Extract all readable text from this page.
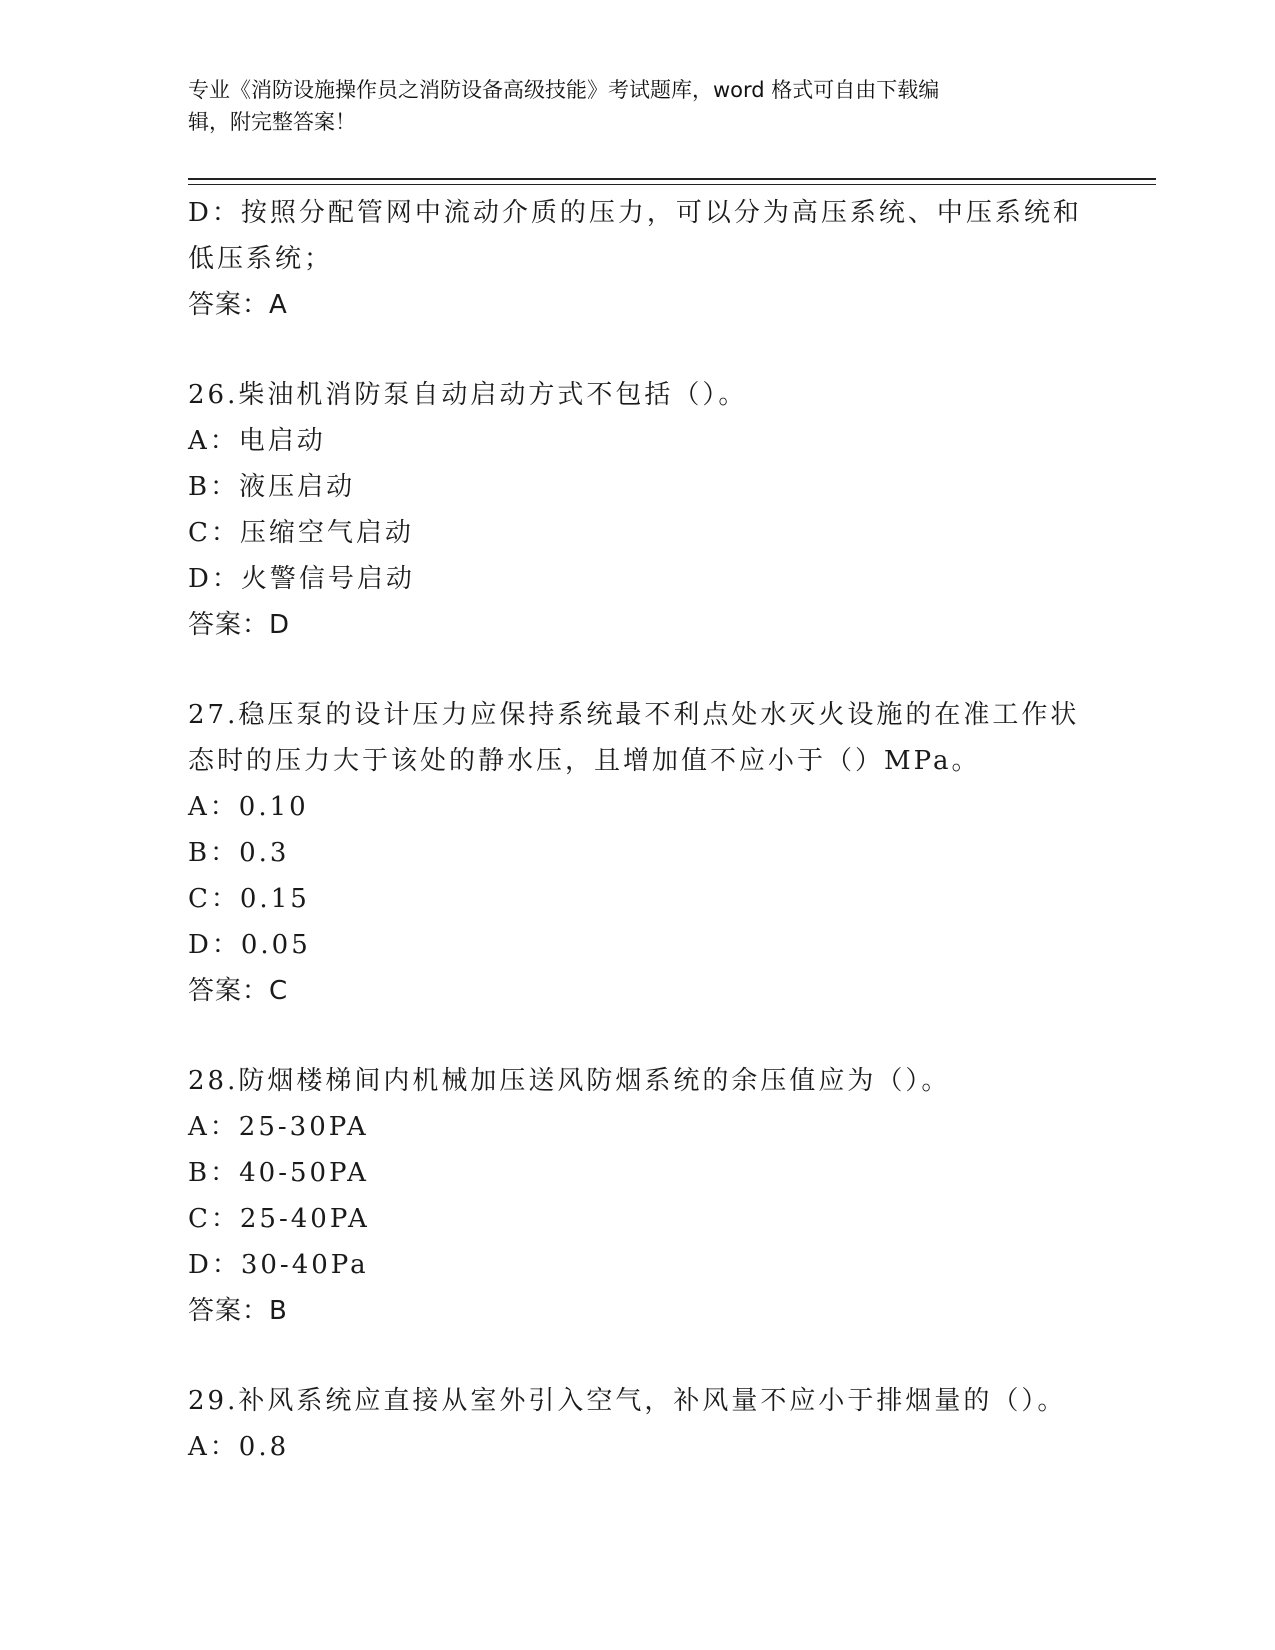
专业《消防设施操作员之消防设备高级技能》考试题库，word 格式可自由下载编
辑，附完整答案！
D：按照分配管网中流动介质的压力，可以分为高压系统、中压系统和
低压系统；
答案：A
26.柴油机消防泵自动启动方式不包括（）。
A：电启动
B：液压启动
C：压缩空气启动
D：火警信号启动
答案：D
27.稳压泵的设计压力应保持系统最不利点处水灭火设施的在准工作状
态时的压力大于该处的静水压，且增加值不应小于（）MPa。
A：0.10
B：0.3
C：0.15
D：0.05
答案：C
28.防烟楼梯间内机械加压送风防烟系统的余压值应为（）。
A：25-30PA
B：40-50PA
C：25-40PA
D：30-40Pa
答案：B
29.补风系统应直接从室外引入空气，补风量不应小于排烟量的（）。
A：0.8
